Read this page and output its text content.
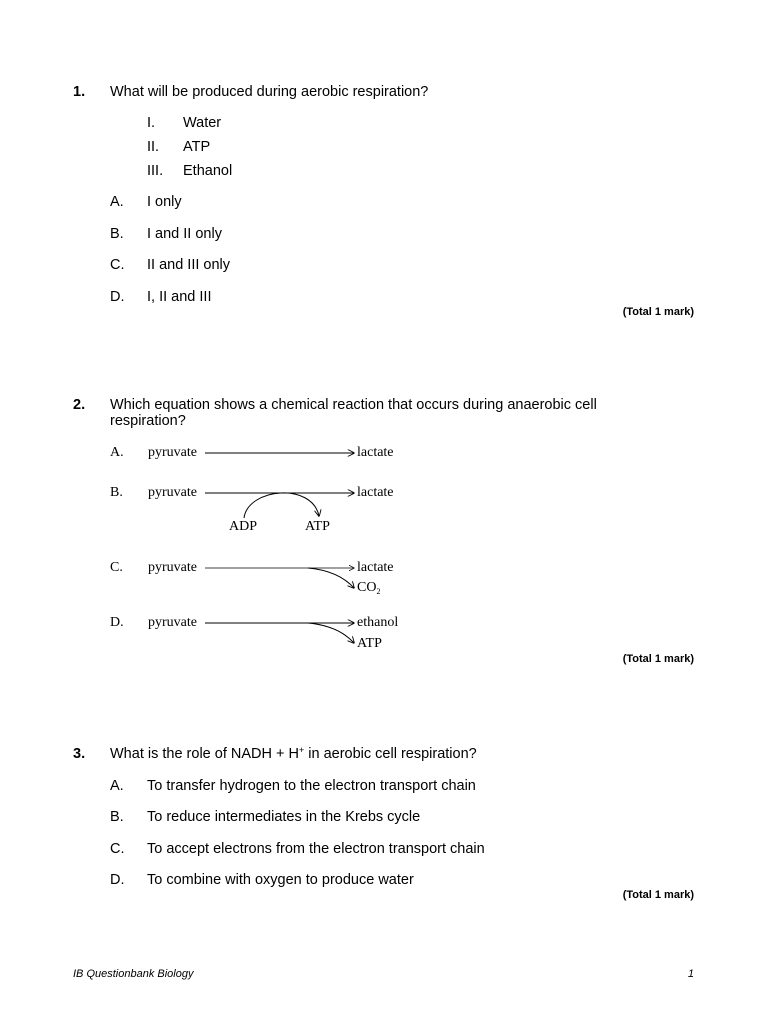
1. What will be produced during aerobic respiration?
I. Water
II. ATP
III. Ethanol
A. I only
B. I and II only
C. II and III only
D. I, II and III
(Total 1 mark)
2. Which equation shows a chemical reaction that occurs during anaerobic cell
respiration?
A. pyruvate	lactate
B. pyruvate	lactate
ADP	ATP
C. pyruvate	lactate
$CO_2$
D. pyruvate	ethanol
ATP
(Total 1 mark)
3. What is the role of NADH + H+ in aerobic cell respiration?
A. To transfer hydrogen to the electron transport chain
B. To reduce intermediates in the Krebs cycle
C. To accept electrons from the electron transport chain
D. To combine with oxygen to produce water
(Total 1 mark)
IB Questionbank Biology	1
